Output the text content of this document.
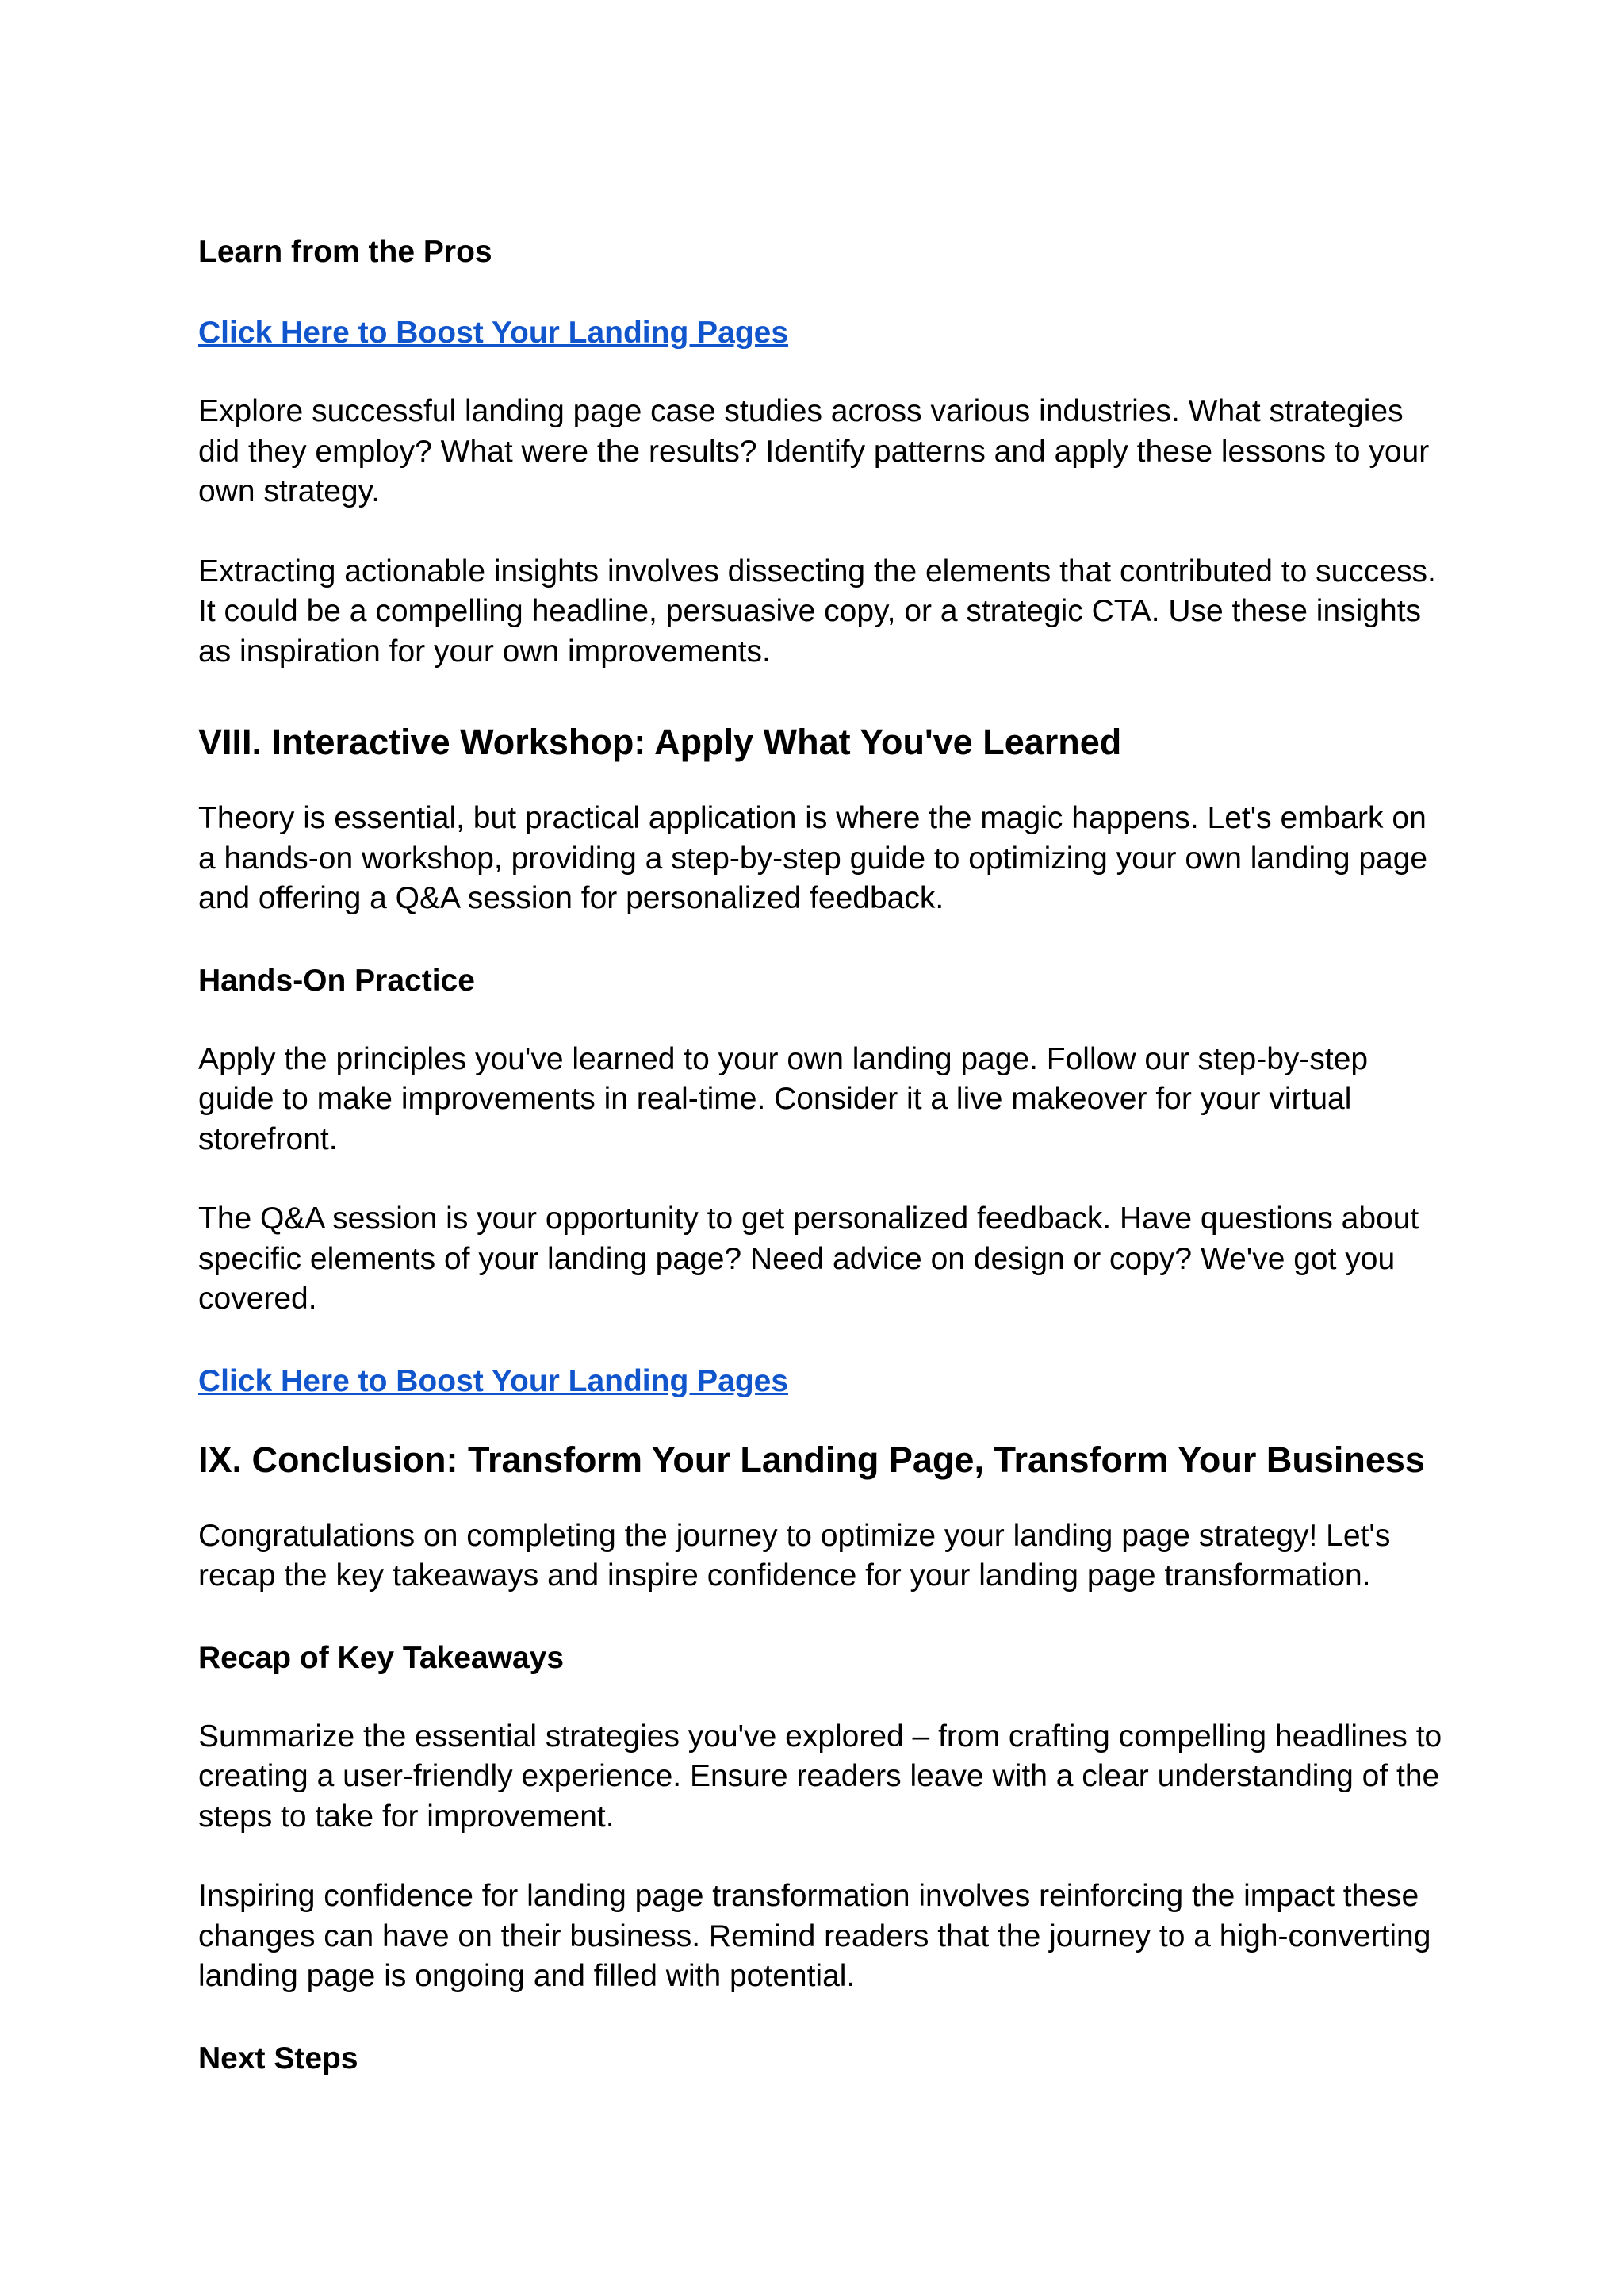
Learn from the Pros
Click Here to Boost Your Landing Pages

Explore successful landing page case studies across various industries. What strategies did they employ? What were the results? Identify patterns and apply these lessons to your own strategy.

Extracting actionable insights involves dissecting the elements that contributed to success. It could be a compelling headline, persuasive copy, or a strategic CTA. Use these insights as inspiration for your own improvements.

VIII. Interactive Workshop: Apply What You've Learned

Theory is essential, but practical application is where the magic happens. Let's embark on a hands-on workshop, providing a step-by-step guide to optimizing your own landing page and offering a Q&A session for personalized feedback.

Hands-On Practice

Apply the principles you've learned to your own landing page. Follow our step-by-step guide to make improvements in real-time. Consider it a live makeover for your virtual storefront.

The Q&A session is your opportunity to get personalized feedback. Have questions about specific elements of your landing page? Need advice on design or copy? We've got you covered.

Click Here to Boost Your Landing Pages
IX. Conclusion: Transform Your Landing Page, Transform Your Business

Congratulations on completing the journey to optimize your landing page strategy! Let's recap the key takeaways and inspire confidence for your landing page transformation.

Recap of Key Takeaways

Summarize the essential strategies you've explored – from crafting compelling headlines to creating a user-friendly experience. Ensure readers leave with a clear understanding of the steps to take for improvement.

Inspiring confidence for landing page transformation involves reinforcing the impact these changes can have on their business. Remind readers that the journey to a high-converting landing page is ongoing and filled with potential.

Next Steps
